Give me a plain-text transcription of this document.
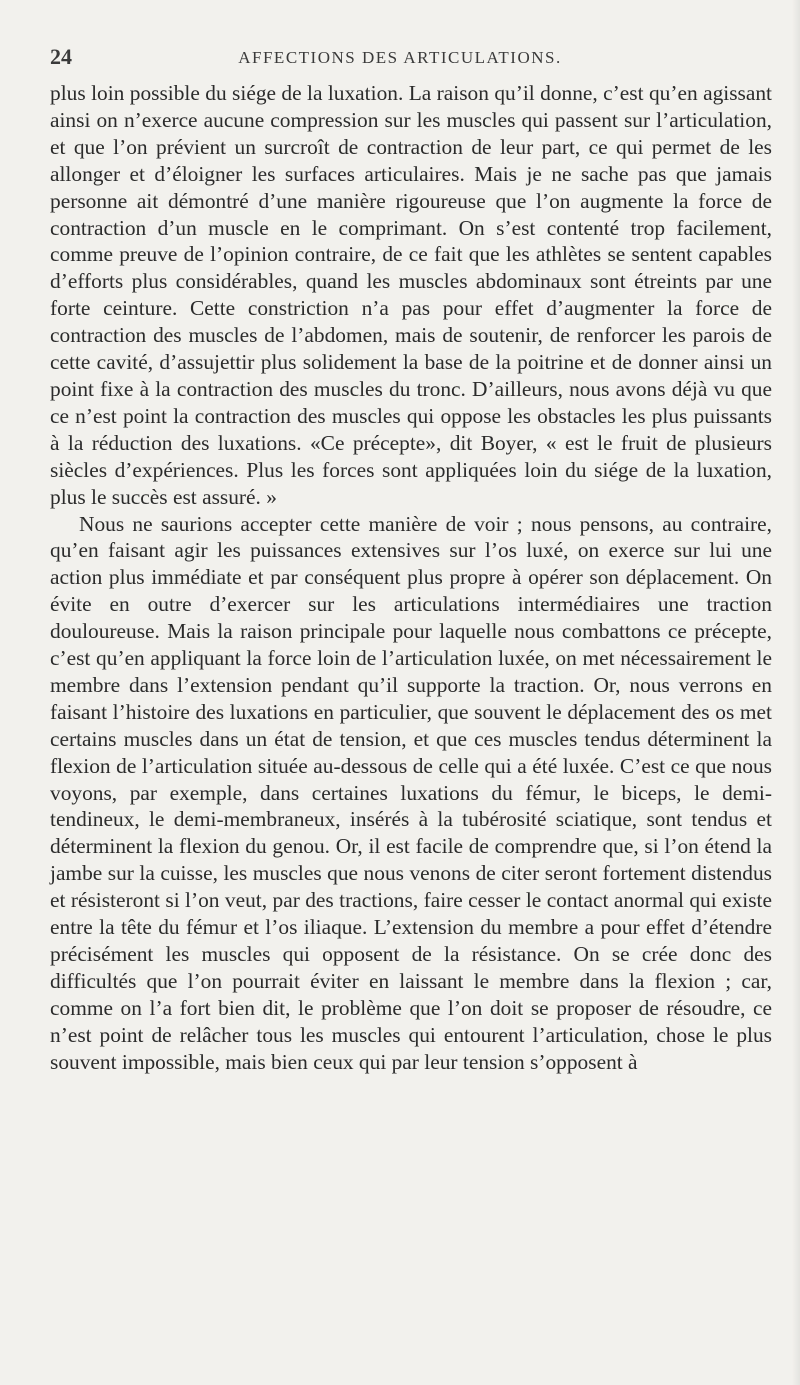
24	AFFECTIONS DES ARTICULATIONS.

plus loin possible du siége de la luxation. La raison qu’il donne, c’est qu’en agissant ainsi on n’exerce aucune compression sur les muscles qui passent sur l’articulation, et que l’on prévient un surcroît de contraction de leur part, ce qui permet de les allonger et d’éloigner les surfaces articulaires. Mais je ne sache pas que jamais personne ait démontré d’une manière rigoureuse que l’on augmente la force de contraction d’un muscle en le comprimant. On s’est contenté trop facilement, comme preuve de l’opinion contraire, de ce fait que les athlètes se sentent capables d’efforts plus considérables, quand les muscles abdominaux sont étreints par une forte ceinture. Cette constriction n’a pas pour effet d’augmenter la force de contraction des muscles de l’abdomen, mais de soutenir, de renforcer les parois de cette cavité, d’assujettir plus solidement la base de la poitrine et de donner ainsi un point fixe à la contraction des muscles du tronc. D’ailleurs, nous avons déjà vu que ce n’est point la contraction des muscles qui oppose les obstacles les plus puissants à la réduction des luxations. «Ce précepte», dit Boyer, « est le fruit de plusieurs siècles d’expériences. Plus les forces sont appliquées loin du siége de la luxation, plus le succès est assuré. »

Nous ne saurions accepter cette manière de voir ; nous pensons, au contraire, qu’en faisant agir les puissances extensives sur l’os luxé, on exerce sur lui une action plus immédiate et par conséquent plus propre à opérer son déplacement. On évite en outre d’exercer sur les articulations intermédiaires une traction douloureuse. Mais la raison principale pour laquelle nous combattons ce précepte, c’est qu’en appliquant la force loin de l’articulation luxée, on met nécessairement le membre dans l’extension pendant qu’il supporte la traction. Or, nous verrons en faisant l’histoire des luxations en particulier, que souvent le déplacement des os met certains muscles dans un état de tension, et que ces muscles tendus déterminent la flexion de l’articulation située au-dessous de celle qui a été luxée. C’est ce que nous voyons, par exemple, dans certaines luxations du fémur, le biceps, le demi-tendineux, le demi-membraneux, insérés à la tubérosité sciatique, sont tendus et déterminent la flexion du genou. Or, il est facile de comprendre que, si l’on étend la jambe sur la cuisse, les muscles que nous venons de citer seront fortement distendus et résisteront si l’on veut, par des tractions, faire cesser le contact anormal qui existe entre la tête du fémur et l’os iliaque. L’extension du membre a pour effet d’étendre précisément les muscles qui opposent de la résistance. On se crée donc des difficultés que l’on pourrait éviter en laissant le membre dans la flexion ; car, comme on l’a fort bien dit, le problème que l’on doit se proposer de résoudre, ce n’est point de relâcher tous les muscles qui entourent l’articulation, chose le plus souvent impossible, mais bien ceux qui par leur tension s’opposent à
